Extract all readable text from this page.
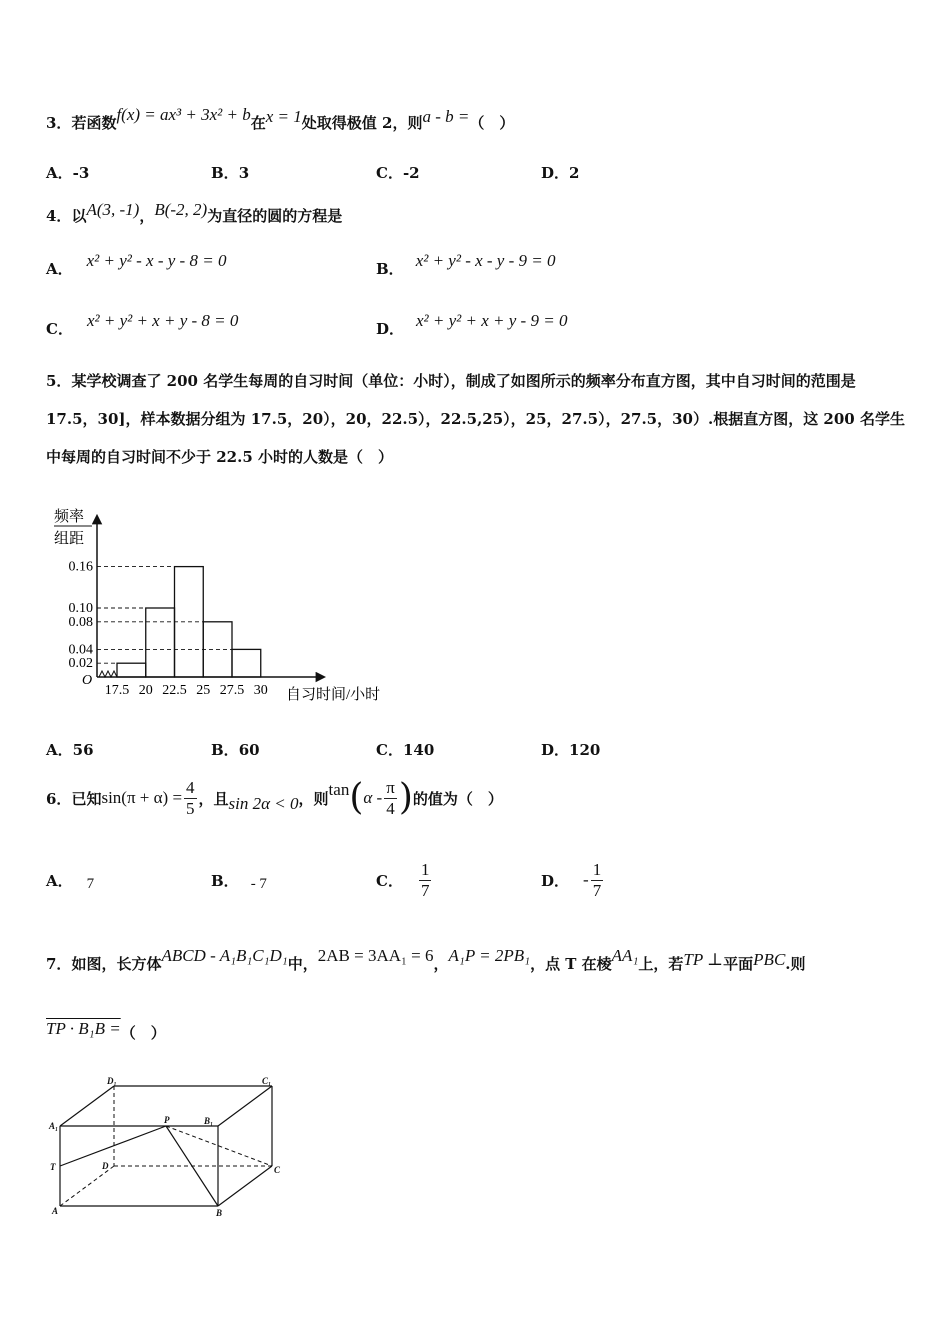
3．若函数f(x) = ax³ + 3x² + b在x = 1处取得极值 2，则a - b =（　）
A．-3	B．3	C．-2	D．2
4．以A(3, -1)，B(-2, 2)为直径的圆的方程是
A． x² + y² - x - y - 8 = 0	B． x² + y² - x - y - 9 = 0
C． x² + y² + x + y - 8 = 0	D． x² + y² + x + y - 9 = 0
5．某学校调查了 200 名学生每周的自习时间（单位：小时），制成了如图所示的频率分布直方图，其中自习时间的范围是 17.5，30]，样本数据分组为 17.5，20），20，22.5），22.5,25），25，27.5），27.5，30）.根据直方图，这 200 名学生中每周的自习时间不少于 22.5 小时的人数是（　）
0.16
0.10
0.08
0.04
0.02
17.5 20 22.5 25 27.5 30
O
频率
组距
自习时间/小时
A．56	B．60	C．140	D．120
6． 已知 $\sin(\pi + \alpha) = \frac{4}{5}$ ，且 sin 2α < 0 ，则 tan ( α - $\frac{\pi}{4}$ ) 的值为（　）
A． 7	B． - 7	C． $\frac{1}{7}$	D． - $\frac{1}{7}$
7．如图，长方体ABCD - A₁B₁C₁D₁中，2AB = 3AA₁ = 6，A₁P = 2PB₁，点 T 在棱AA₁上，若TP ⊥平面PBC.则
TP · B₁B =（　）
D₁	C₁
A₁
P	B₁
T	D	C
A	B
